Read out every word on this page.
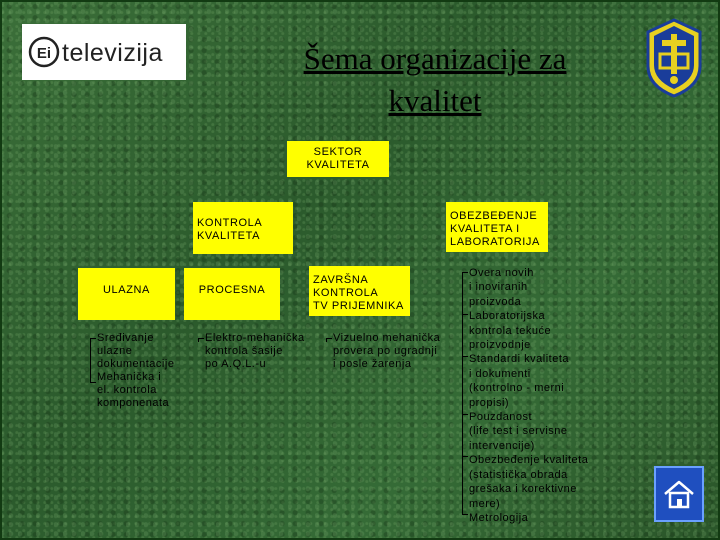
Ei televizija	Šema organizacije za
kvalitet
SEKTOR
KVALITETA
KONTROLA
KVALITETA
OBEZBEĐENJE
KVALITETA I
LABORATORIJA
ULAZNA	PROCESNA
ZAVRŠNA
KONTROLA
TV PRIJEMNIKA
Sređivanje
ulazne
dokumentacije
Mehanička i
el. kontrola
komponenata
Elektro-mehanička
kontrola šasije
po A.Q.L.-u
Vizuelno mehanička
provera po ugradnji
i posle žarenja
Overa novih
i inoviranih
proizvoda
Laboratorijska
kontrola tekuće
proizvodnje
Standardi kvaliteta
i dokumenti
(kontrolno - merni
propisi)
Pouzdanost
(life test i servisne
intervencije)
Obezbeđenje kvaliteta
(statistička obrada
grešaka i korektivne
mere)
Metrologija
